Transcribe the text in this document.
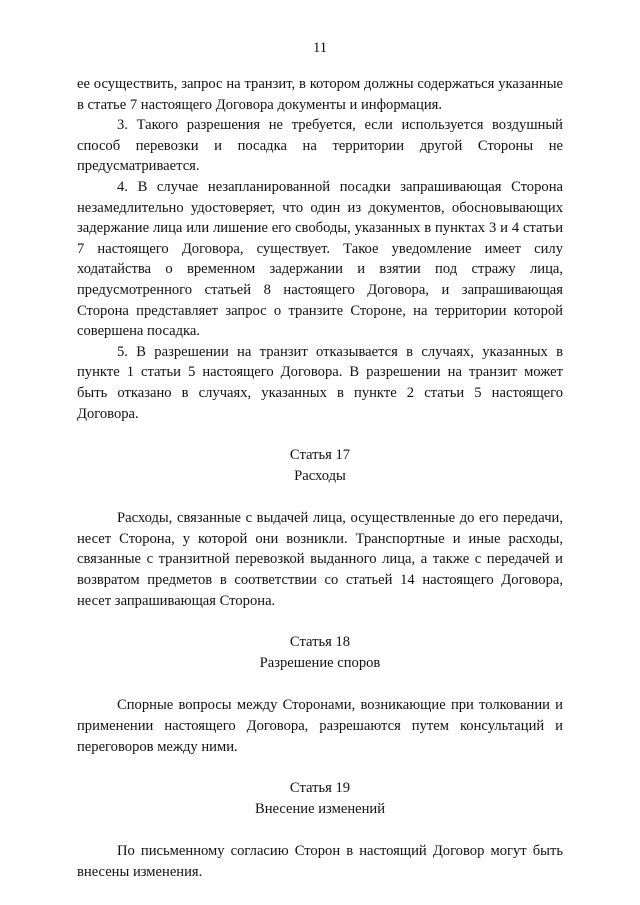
11

ее осуществить, запрос на транзит, в котором должны содержаться указанные в статье 7 настоящего Договора документы и информация.

3. Такого разрешения не требуется, если используется воздушный способ перевозки и посадка на территории другой Стороны не предусматривается.

4. В случае незапланированной посадки запрашивающая Сторона незамедлительно удостоверяет, что один из документов, обосновывающих задержание лица или лишение его свободы, указанных в пунктах 3 и 4 статьи 7 настоящего Договора, существует. Такое уведомление имеет силу ходатайства о временном задержании и взятии под стражу лица, предусмотренного статьей 8 настоящего Договора, и запрашивающая Сторона представляет запрос о транзите Стороне, на территории которой совершена посадка.

5. В разрешении на транзит отказывается в случаях, указанных в пункте 1 статьи 5 настоящего Договора. В разрешении на транзит может быть отказано в случаях, указанных в пункте 2 статьи 5 настоящего Договора.

Статья 17

Расходы

Расходы, связанные с выдачей лица, осуществленные до его передачи, несет Сторона, у которой они возникли. Транспортные и иные расходы, связанные с транзитной перевозкой выданного лица, а также с передачей и возвратом предметов в соответствии со статьей 14 настоящего Договора, несет запрашивающая Сторона.

Статья 18

Разрешение споров

Спорные вопросы между Сторонами, возникающие при толковании и применении настоящего Договора, разрешаются путем консультаций и переговоров между ними.

Статья 19

Внесение изменений

По письменному согласию Сторон в настоящий Договор могут быть внесены изменения.
